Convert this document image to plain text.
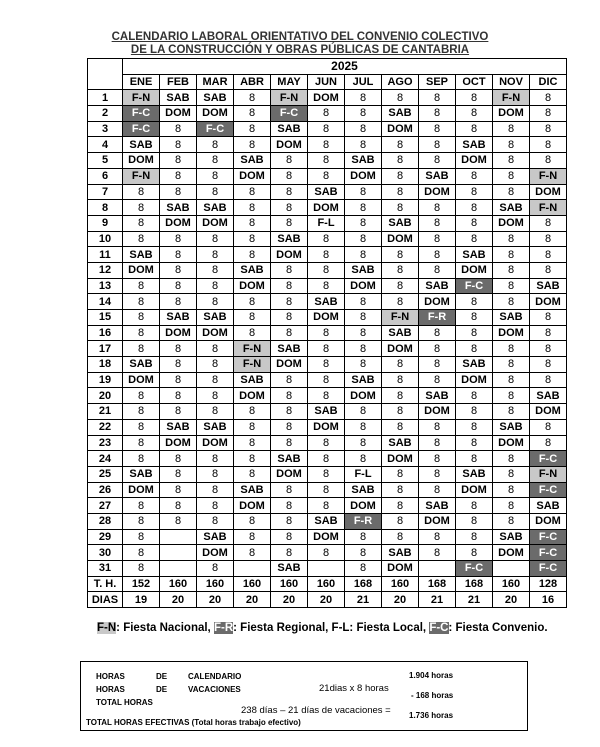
CALENDARIO LABORAL ORIENTATIVO DEL CONVENIO COLECTIVO
DE LA CONSTRUCCIÓN Y OBRAS PÚBLICAS DE CANTABRIA
	2025											
	ENE	FEB	MAR	ABR	MAY	JUN	JUL	AGO	SEP	OCT	NOV	DIC
1	F-N	SAB	SAB	8	F-N	DOM	8	8	8	8	F-N	8
2	F-C	DOM	DOM	8	F-C	8	8	SAB	8	8	DOM	8
3	F-C	8	F-C	8	SAB	8	8	DOM	8	8	8	8
4	SAB	8	8	8	DOM	8	8	8	8	SAB	8	8
5	DOM	8	8	SAB	8	8	SAB	8	8	DOM	8	8
6	F-N	8	8	DOM	8	8	DOM	8	SAB	8	8	F-N
7	8	8	8	8	8	SAB	8	8	DOM	8	8	DOM
8	8	SAB	SAB	8	8	DOM	8	8	8	8	SAB	F-N
9	8	DOM	DOM	8	8	F-L	8	SAB	8	8	DOM	8
10	8	8	8	8	SAB	8	8	DOM	8	8	8	8
11	SAB	8	8	8	DOM	8	8	8	8	SAB	8	8
12	DOM	8	8	SAB	8	8	SAB	8	8	DOM	8	8
13	8	8	8	DOM	8	8	DOM	8	SAB	F-C	8	SAB
14	8	8	8	8	8	SAB	8	8	DOM	8	8	DOM
15	8	SAB	SAB	8	8	DOM	8	F-N	F-R	8	SAB	8
16	8	DOM	DOM	8	8	8	8	SAB	8	8	DOM	8
17	8	8	8	F-N	SAB	8	8	DOM	8	8	8	8
18	SAB	8	8	F-N	DOM	8	8	8	8	SAB	8	8
19	DOM	8	8	SAB	8	8	SAB	8	8	DOM	8	8
20	8	8	8	DOM	8	8	DOM	8	SAB	8	8	SAB
21	8	8	8	8	8	SAB	8	8	DOM	8	8	DOM
22	8	SAB	SAB	8	8	DOM	8	8	8	8	SAB	8
23	8	DOM	DOM	8	8	8	8	SAB	8	8	DOM	8
24	8	8	8	8	SAB	8	8	DOM	8	8	8	F-C
25	SAB	8	8	8	DOM	8	F-L	8	8	SAB	8	F-N
26	DOM	8	8	SAB	8	8	SAB	8	8	DOM	8	F-C
27	8	8	8	DOM	8	8	DOM	8	SAB	8	8	SAB
28	8	8	8	8	8	SAB	F-R	8	DOM	8	8	DOM
29	8		SAB	8	8	DOM	8	8	8	8	SAB	F-C
30	8		DOM	8	8	8	8	SAB	8	8	DOM	F-C
31	8		8		SAB		8	DOM		F-C		F-C
T. H.	152	160	160	160	160	160	168	160	168	168	160	128
DIAS	19	20	20	20	20	20	21	20	21	21	20	16
F-N: Fiesta Nacional, F-R: Fiesta Regional, F-L: Fiesta Local, F-C: Fiesta Convenio.
HORAS	DE	CALENDARIO
HORAS	DE	VACACIONES
TOTAL HORAS
TOTAL HORAS EFECTIVAS (Total horas trabajo efectivo)
21dias x 8 horas
238 días – 21 días de vacaciones =
1.904 horas
- 168 horas
1.736 horas
